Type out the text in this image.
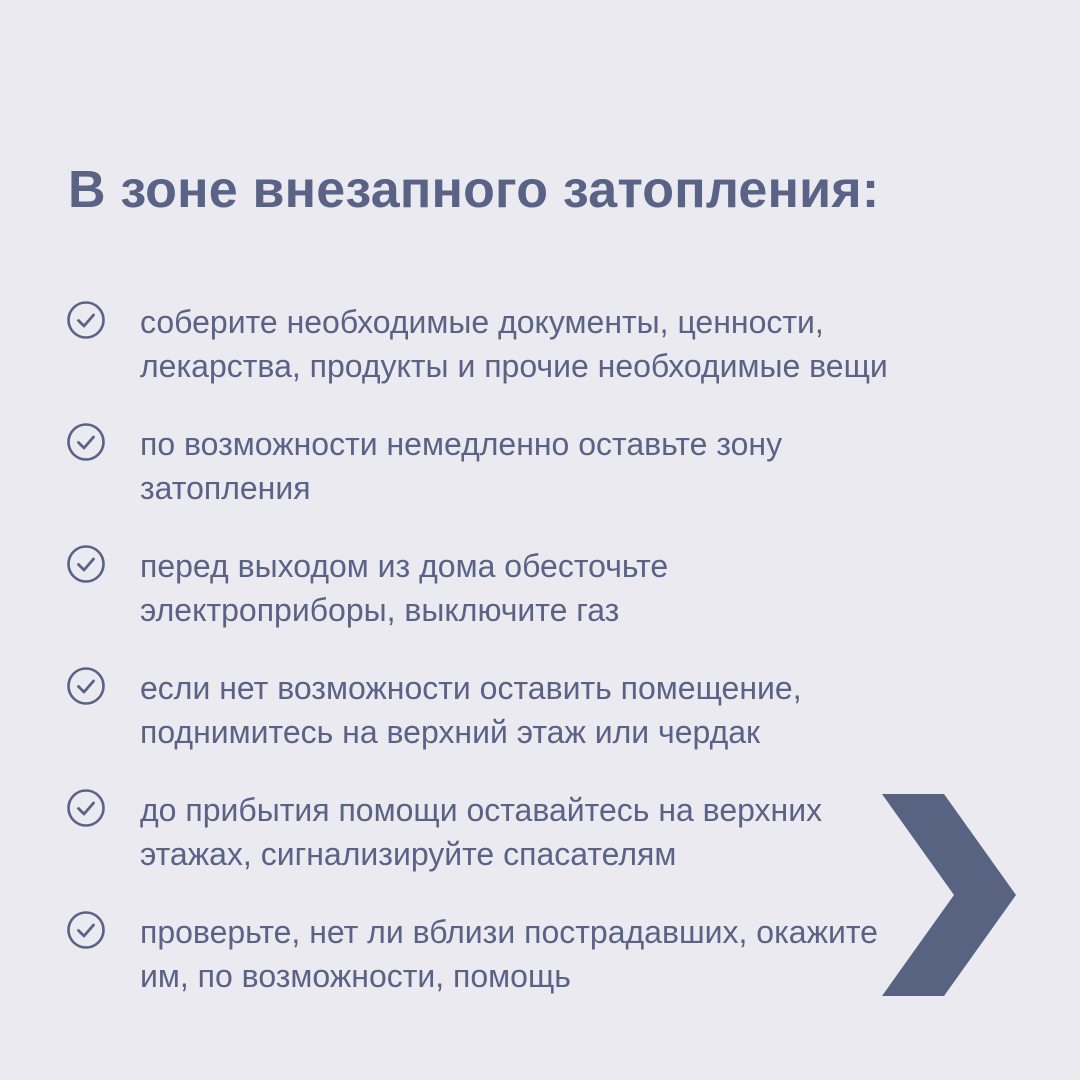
В зоне внезапного затопления:
соберите необходимые документы, ценности, лекарства, продукты и прочие необходимые вещи
по возможности немедленно оставьте зону затопления
перед выходом из дома обесточьте электроприборы, выключите газ
если нет возможности оставить помещение, поднимитесь на верхний этаж или чердак
до прибытия помощи оставайтесь на верхних этажах, сигнализируйте спасателям
проверьте, нет ли вблизи пострадавших, окажите им, по возможности, помощь
